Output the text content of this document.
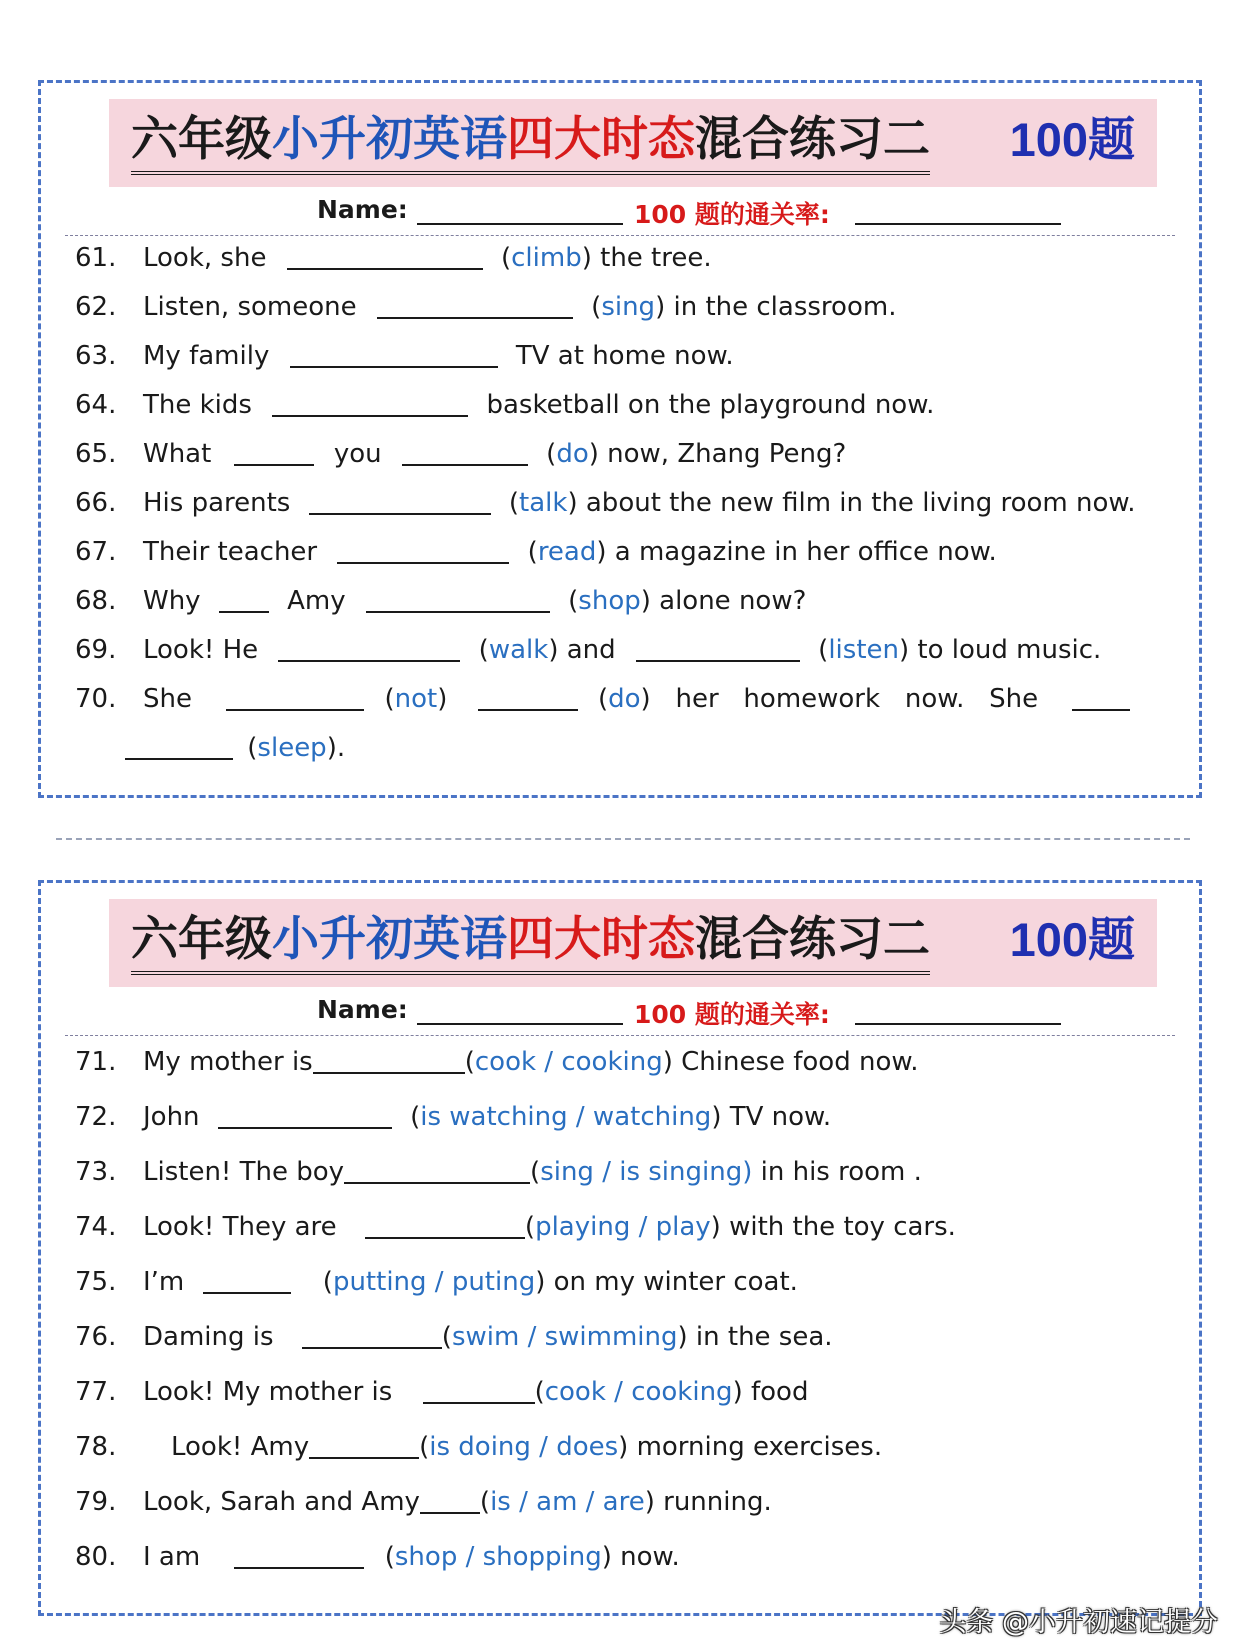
六年级小升初英语四大时态混合练习二 100题
Name:	100 题的通关率:
61. Look, she	(climb) the tree.
62. Listen, someone	(sing) in the classroom.
63. My family	TV at home now.
64. The kids	basketball on the playground now.
65. What	you	(do) now, Zhang Peng?
66. His parents	(talk) about the new film in the living room now.
67. Their teacher	(read) a magazine in her office now.
68. Why	Amy	(shop) alone now?
69. Look! He	(walk) and	(listen) to loud music.
70. She	(not)	(do)   her   homework   now.   She
(sleep).
六年级小升初英语四大时态混合练习二 100题
Name:	100 题的通关率:
71. My mother is	(cook / cooking) Chinese food now.
72. John	(is watching / watching) TV now.
73. Listen! The boy	(sing / is singing) in his room .
74. Look! They are	(playing / play) with the toy cars.
75. I’m	(putting / puting) on my winter coat.
76. Daming is	(swim / swimming) in the sea.
77. Look! My mother is	(cook / cooking) food
78. Look! Amy	(is doing / does) morning exercises.
79. Look, Sarah and Amy (is / am / are) running.
80. I am	(shop / shopping) now.
头条 @小升初速记提分
